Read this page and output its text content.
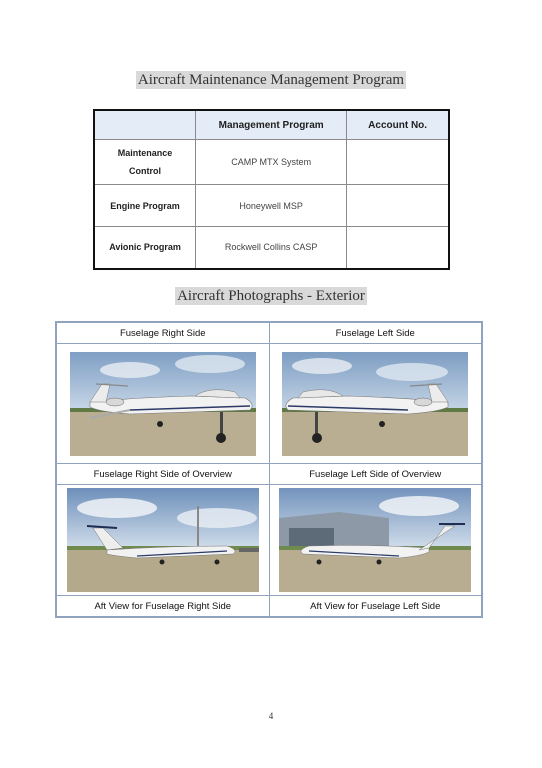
Aircraft Maintenance Management Program
	Management Program	Account No.

Maintenance
Control	CAMP MTX System	
Engine Program	Honeywell MSP	
Avionic Program	Rockwell Collins CASP	
Aircraft Photographs - Exterior
Fuselage Right Side	Fuselage Left Side

Fuselage Right Side of Overview	Fuselage Left Side of Overview

Aft View for Fuselage Right Side	Aft View for Fuselage Left Side
4
